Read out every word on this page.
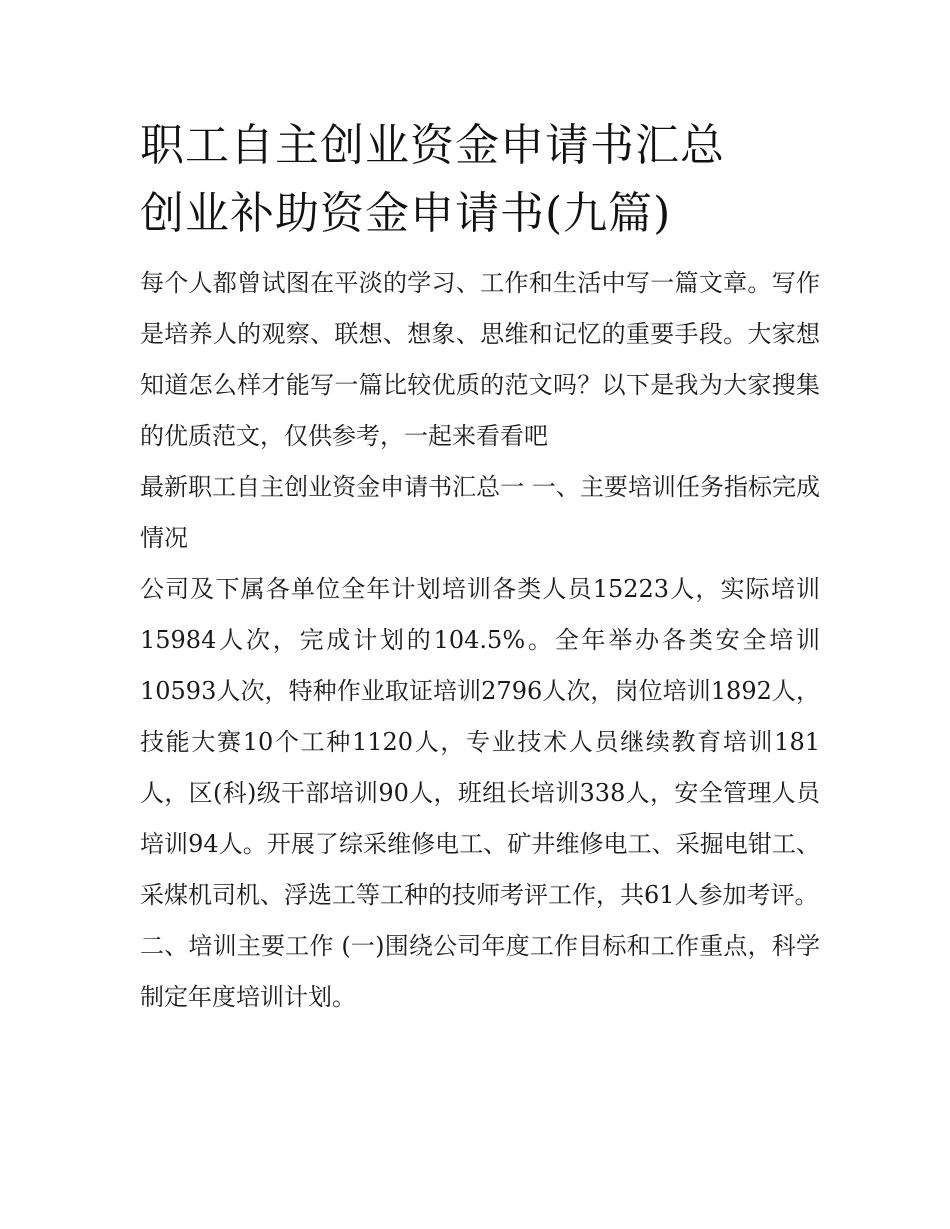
职工自主创业资金申请书汇总
创业补助资金申请书(九篇)

每个人都曾试图在平淡的学习、工作和生活中写一篇文章。写作是培养人的观察、联想、想象、思维和记忆的重要手段。大家想知道怎么样才能写一篇比较优质的范文吗？以下是我为大家搜集的优质范文，仅供参考，一起来看看吧

最新职工自主创业资金申请书汇总一 一、主要培训任务指标完成情况

公司及下属各单位全年计划培训各类人员15223人，实际培训15984人次，完成计划的104.5%。全年举办各类安全培训10593人次，特种作业取证培训2796人次，岗位培训1892人，技能大赛10个工种1120人，专业技术人员继续教育培训181人，区(科)级干部培训90人，班组长培训338人，安全管理人员培训94人。开展了综采维修电工、矿井维修电工、采掘电钳工、采煤机司机、浮选工等工种的技师考评工作，共61人参加考评。

二、培训主要工作 (一)围绕公司年度工作目标和工作重点，科学制定年度培训计划。
